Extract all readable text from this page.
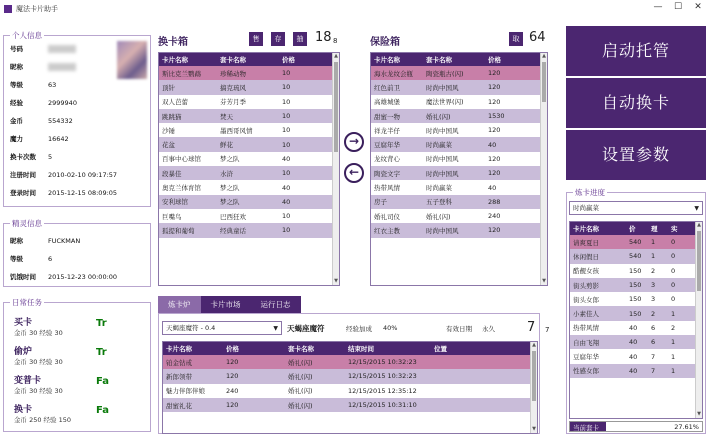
魔法卡片助手	—	☐	✕
个人信息
号码
昵称
等级	63
经验	2999940
金币	554332
魔力	16642
换卡次数 5
注册时间 2010-02-10 09:17:57
登录时间 2015-12-15 08:09:05
精灵信息
昵称	FUCKMAN
等级	6
饥饿时间 2015-12-23 00:00:00
日常任务
买卡
金币 30 经验 30
Tr
偷炉
金币 30 经验 30
Tr
变普卡
金币 30 经验 30
Fa
换卡
金币 250 经验 150
Fa
换卡箱	售	存	抽 18 8
卡片名称	套卡名称	价格
斯比克兰鹦鹉	珍稀动物	10
顶针	搞克琉风	10
双人芭蕾	芬芳月季	10
跳跳猫	焚天	10
沙锤	墨西哥风情	10
花盆	鲜花	10
百事中心球馆	梦之队	40
段暴佳	水浒	10
奥克兰体育馆	梦之队	40
安利球馆	梦之队	40
巨嘴鸟	巴西狂欢	10
狐提和葡萄	经典童话	10
▲
▼
→
←
保险箱	取 64
卡片名称	套卡名称	价格
海水龙纹会瓶	陶瓷瓶古(闪)	120
红色前卫	时尚中国风	120
高雄城堡	魔法世界(闪)	120
甜蜜一物	婚礼(闪)	1530
祥龙半仔	时尚中国风	120
豆腐年华	时尚赢菜	40
龙纹背心	时尚中国风	120
陶瓷文字	时尚中国风	120
热带风情	时尚赢菜	40
房子	五子登科	288
婚礼司仪	婚礼(闪)	240
红衣主教	时尚中国风	120
▲
▼
启动托管
自动换卡
设置参数
炼卡进度
时尚赢菜	▼
卡片名称	价	理	实
请爽夏日	540	1	0
休闲假日	540	1	0
酷靓女孩	150	2	0
街头剪影	150	3	0
街头女郎	150	3	0
小素佳人	150	2	1
热带风情	40	6	2
自由飞翔	40	6	1
豆腐年华	40	7	1
性感女郎	40	7	1
▲
▼
当前套卡	27.61%
炼卡炉	卡片市场	运行日志
天蝎座魔符 - 0.4	▼ 天蝎座魔符	经验加成 40%	有效日期 永久 7 7
卡片名称	价格	套卡名称	结束时间	位置
铂金钻戒	120	婚礼(闪)	12/15/2015 10:32:23	
新郎领带	120	婚礼(闪)	12/15/2015 10:32:23	
魅力伴郎伴娘	240	婚礼(闪)	12/15/2015 12:35:12	
甜蜜礼花	120	婚礼(闪)	12/15/2015 10:31:10	
▲
▼
